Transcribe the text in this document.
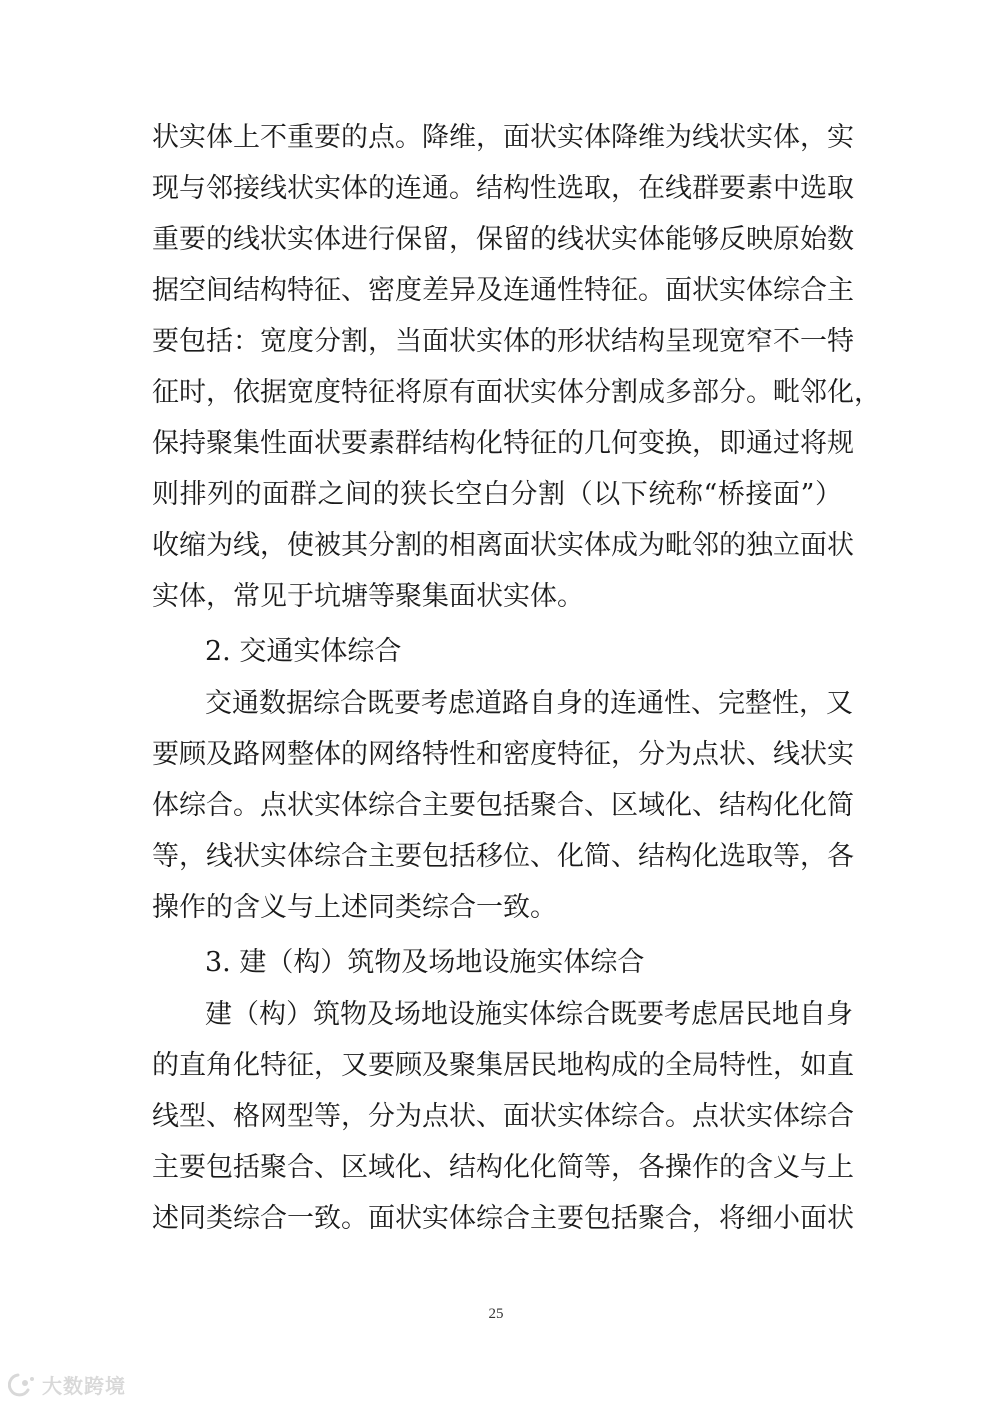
状实体上不重要的点。降维，面状实体降维为线状实体，实
现与邻接线状实体的连通。结构性选取，在线群要素中选取
重要的线状实体进行保留，保留的线状实体能够反映原始数
据空间结构特征、密度差异及连通性特征。面状实体综合主
要包括：宽度分割，当面状实体的形状结构呈现宽窄不一特
征时，依据宽度特征将原有面状实体分割成多部分。毗邻化，
保持聚集性面状要素群结构化特征的几何变换，即通过将规
则排列的面群之间的狭长空白分割（以下统称“桥接面”）
收缩为线，使被其分割的相离面状实体成为毗邻的独立面状
实体，常见于坑塘等聚集面状实体。
2. 交通实体综合
交通数据综合既要考虑道路自身的连通性、完整性，又
要顾及路网整体的网络特性和密度特征，分为点状、线状实
体综合。点状实体综合主要包括聚合、区域化、结构化化简
等，线状实体综合主要包括移位、化简、结构化选取等，各
操作的含义与上述同类综合一致。
3. 建（构）筑物及场地设施实体综合
建（构）筑物及场地设施实体综合既要考虑居民地自身
的直角化特征，又要顾及聚集居民地构成的全局特性，如直
线型、格网型等，分为点状、面状实体综合。点状实体综合
主要包括聚合、区域化、结构化化简等，各操作的含义与上
述同类综合一致。面状实体综合主要包括聚合，将细小面状
25
大数跨境
